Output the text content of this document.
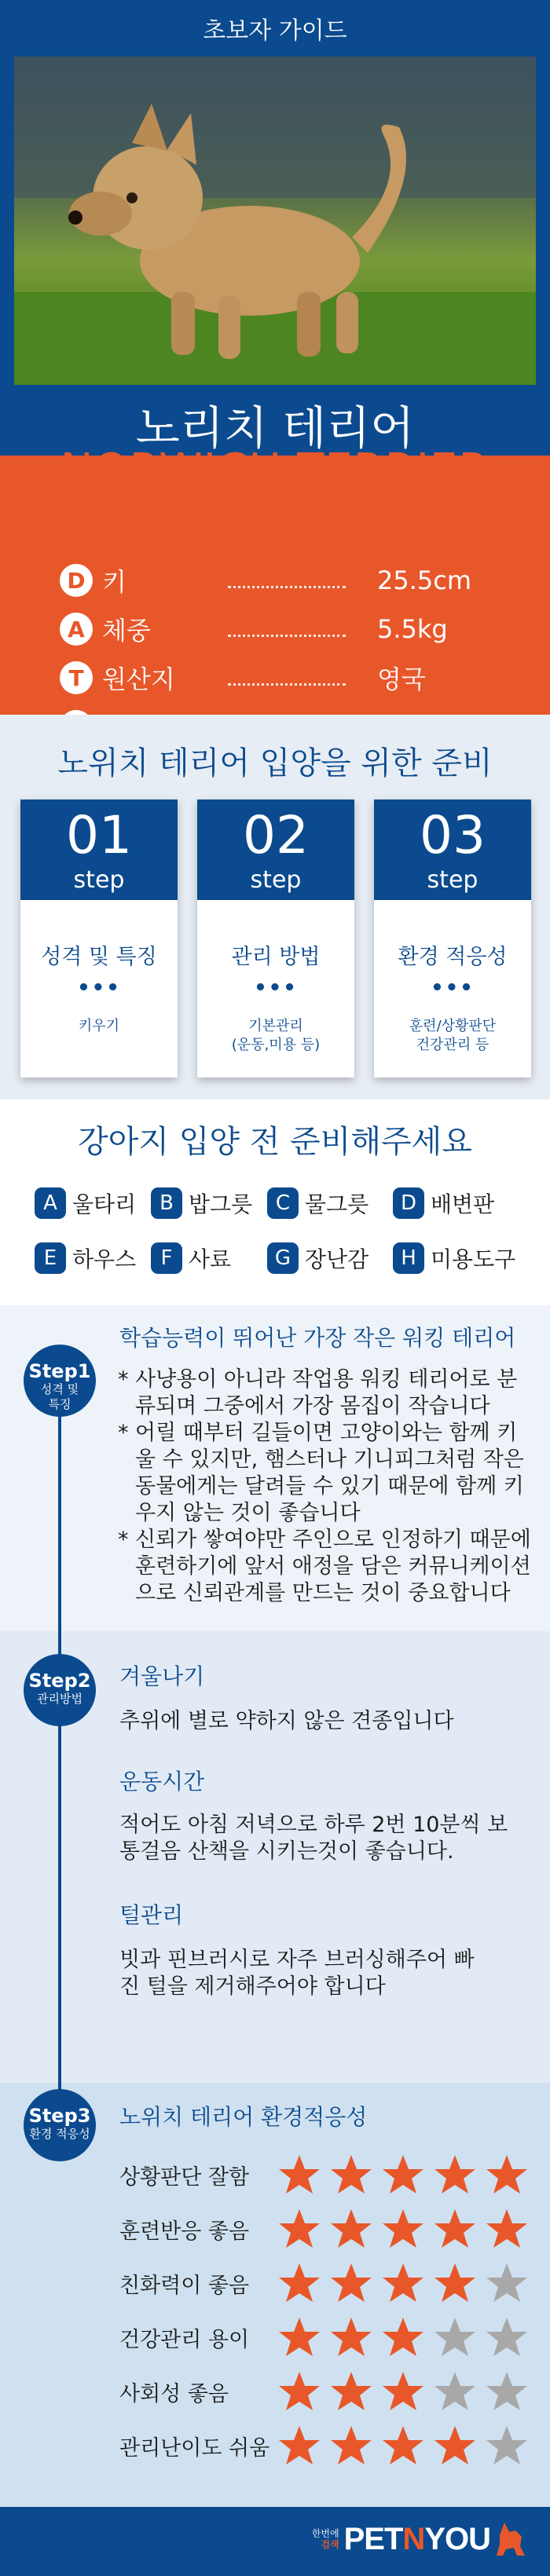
초보자 가이드
노리치 테리어
D 키	25.5cm
A 체중	5.5kg
T 원산지	영국
NORWICH TERRIER
노위치 테리어 입양을 위한 준비
01
step
성격 및 특징
•••
키우기
02
step
관리 방법
•••
기본관리
(운동,미용 등)
03
step
환경 적응성
•••
훈련/상황판단
건강관리 등
강아지 입양 전 준비해주세요
A 울타리	B 밥그릇	C 물그릇	D 배변판
E 하우스	F 사료	G 장난감	H 미용도구
학습능력이 뛰어난 가장 작은 워킹 테리어
* 사냥용이 아니라 작업용 워킹 테리어로 분류되며 그중에서 가장 몸집이 작습니다
* 어릴 때부터 길들이면 고양이와는 함께 키울 수 있지만, 햄스터나 기니피그처럼 작은 동물에게는 달려들 수 있기 때문에 함께 키우지 않는 것이 좋습니다
* 신뢰가 쌓여야만 주인으로 인정하기 때문에 훈련하기에 앞서 애정을 담은 커뮤니케이션으로 신뢰관계를 만드는 것이 중요합니다
겨울나기
추위에 별로 약하지 않은 견종입니다
운동시간
적어도 아침 저녁으로 하루 2번 10분씩 보통걸음 산책을 시키는것이 좋습니다.
털관리
빗과 핀브러시로 자주 브러싱해주어 빠진 털을 제거해주어야 합니다
노위치 테리어 환경적응성
상황판단 잘함
훈련반응 좋음
친화력이 좋음
건강관리 용이
사회성 좋음
관리난이도 쉬움
Step1
성격 및
특징
Step2
관리방법
Step3
환경 적응성
한번에
검색 PETNYOU
